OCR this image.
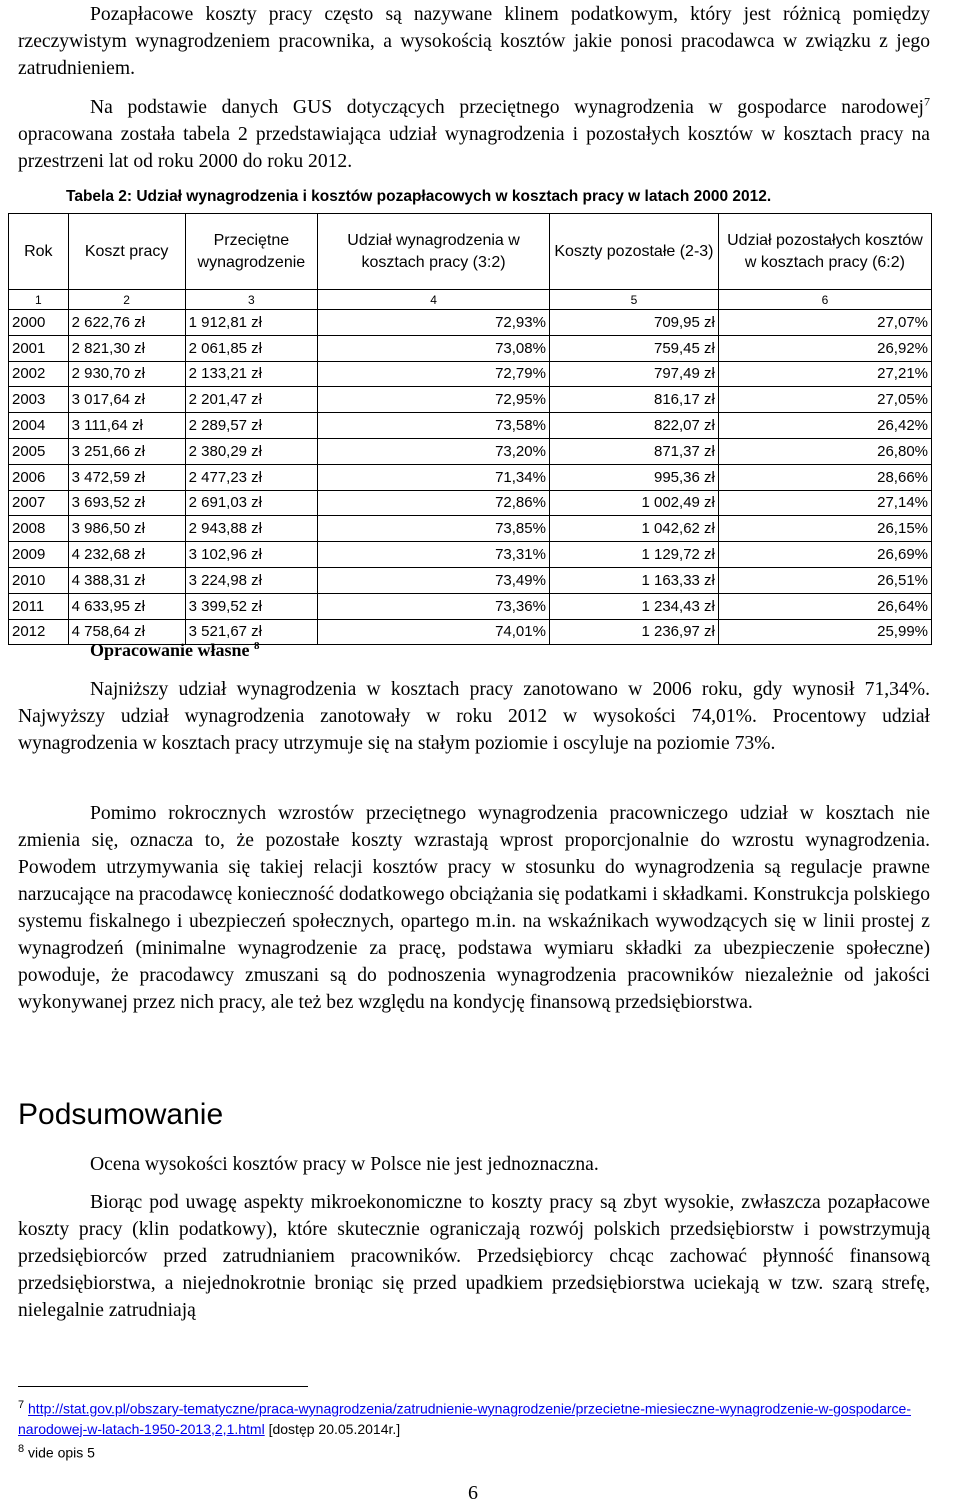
Pozapłacowe koszty pracy często są nazywane klinem podatkowym, który jest różnicą pomiędzy rzeczywistym wynagrodzeniem pracownika, a wysokością kosztów jakie ponosi pracodawca w związku z jego zatrudnieniem.

Na podstawie danych GUS dotyczących przeciętnego wynagrodzenia w gospodarce narodowej$^7$ opracowana została tabela 2 przedstawiająca udział wynagrodzenia i pozostałych kosztów w kosztach pracy na przestrzeni lat od roku 2000 do roku 2012.

Tabela 2: Udział wynagrodzenia i kosztów pozapłacowych w kosztach pracy w latach 2000 2012.
Rok	Koszt pracy	Przeciętne wynagrodzenie	Udział wynagrodzenia w kosztach pracy (3:2)	Koszty pozostałe (2-3)	Udział pozostałych kosztów w kosztach pracy (6:2)
1	2	3	4	5	6
2000	2 622,76 zł	1 912,81 zł	72,93%	709,95 zł	27,07%
2001	2 821,30 zł	2 061,85 zł	73,08%	759,45 zł	26,92%
2002	2 930,70 zł	2 133,21 zł	72,79%	797,49 zł	27,21%
2003	3 017,64 zł	2 201,47 zł	72,95%	816,17 zł	27,05%
2004	3 111,64 zł	2 289,57 zł	73,58%	822,07 zł	26,42%
2005	3 251,66 zł	2 380,29 zł	73,20%	871,37 zł	26,80%
2006	3 472,59 zł	2 477,23 zł	71,34%	995,36 zł	28,66%
2007	3 693,52 zł	2 691,03 zł	72,86%	1 002,49 zł	27,14%
2008	3 986,50 zł	2 943,88 zł	73,85%	1 042,62 zł	26,15%
2009	4 232,68 zł	3 102,96 zł	73,31%	1 129,72 zł	26,69%
2010	4 388,31 zł	3 224,98 zł	73,49%	1 163,33 zł	26,51%
2011	4 633,95 zł	3 399,52 zł	73,36%	1 234,43 zł	26,64%
2012	4 758,64 zł	3 521,67 zł	74,01%	1 236,97 zł	25,99%
Opracowanie własne $^8$

Najniższy udział wynagrodzenia w kosztach pracy zanotowano w 2006 roku, gdy wynosił 71,34%. Najwyższy udział wynagrodzenia zanotowały w roku 2012 w wysokości 74,01%. Procentowy udział wynagrodzenia w kosztach pracy utrzymuje się na stałym poziomie i oscyluje na poziomie 73%.

Pomimo rokrocznych wzrostów przeciętnego wynagrodzenia pracowniczego udział w kosztach nie zmienia się, oznacza to, że pozostałe koszty wzrastają wprost proporcjonalnie do wzrostu wynagrodzenia. Powodem utrzymywania się takiej relacji kosztów pracy w stosunku do wynagrodzenia są regulacje prawne narzucające na pracodawcę konieczność dodatkowego obciążania się podatkami i składkami. Konstrukcja polskiego systemu fiskalnego i ubezpieczeń społecznych, opartego m.in. na wskaźnikach wywodzących się w linii prostej z wynagrodzeń (minimalne wynagrodzenie za pracę, podstawa wymiaru składki za ubezpieczenie społeczne) powoduje, że pracodawcy zmuszani są do podnoszenia wynagrodzenia pracowników niezależnie od jakości wykonywanej przez nich pracy, ale też bez względu na kondycję finansową przedsiębiorstwa.

Podsumowanie

Ocena wysokości kosztów pracy w Polsce nie jest jednoznaczna.

Biorąc pod uwagę aspekty mikroekonomiczne to koszty pracy są zbyt wysokie, zwłaszcza pozapłacowe koszty pracy (klin podatkowy), które skutecznie ograniczają rozwój polskich przedsiębiorstw i powstrzymują przedsiębiorców przed zatrudnianiem pracowników. Przedsiębiorcy chcąc zachować płynność finansową przedsiębiorstwa, a niejednokrotnie broniąc się przed upadkiem przedsiębiorstwa uciekają w tzw. szarą strefę, nielegalnie zatrudniają

$^7$ http://stat.gov.pl/obszary-tematyczne/praca-wynagrodzenia/zatrudnienie-wynagrodzenie/przecietne-miesieczne-wynagrodzenie-w-gospodarce-narodowej-w-latach-1950-2013,2,1.html [dostęp 20.05.2014r.]
$^8$ vide opis 5
6
